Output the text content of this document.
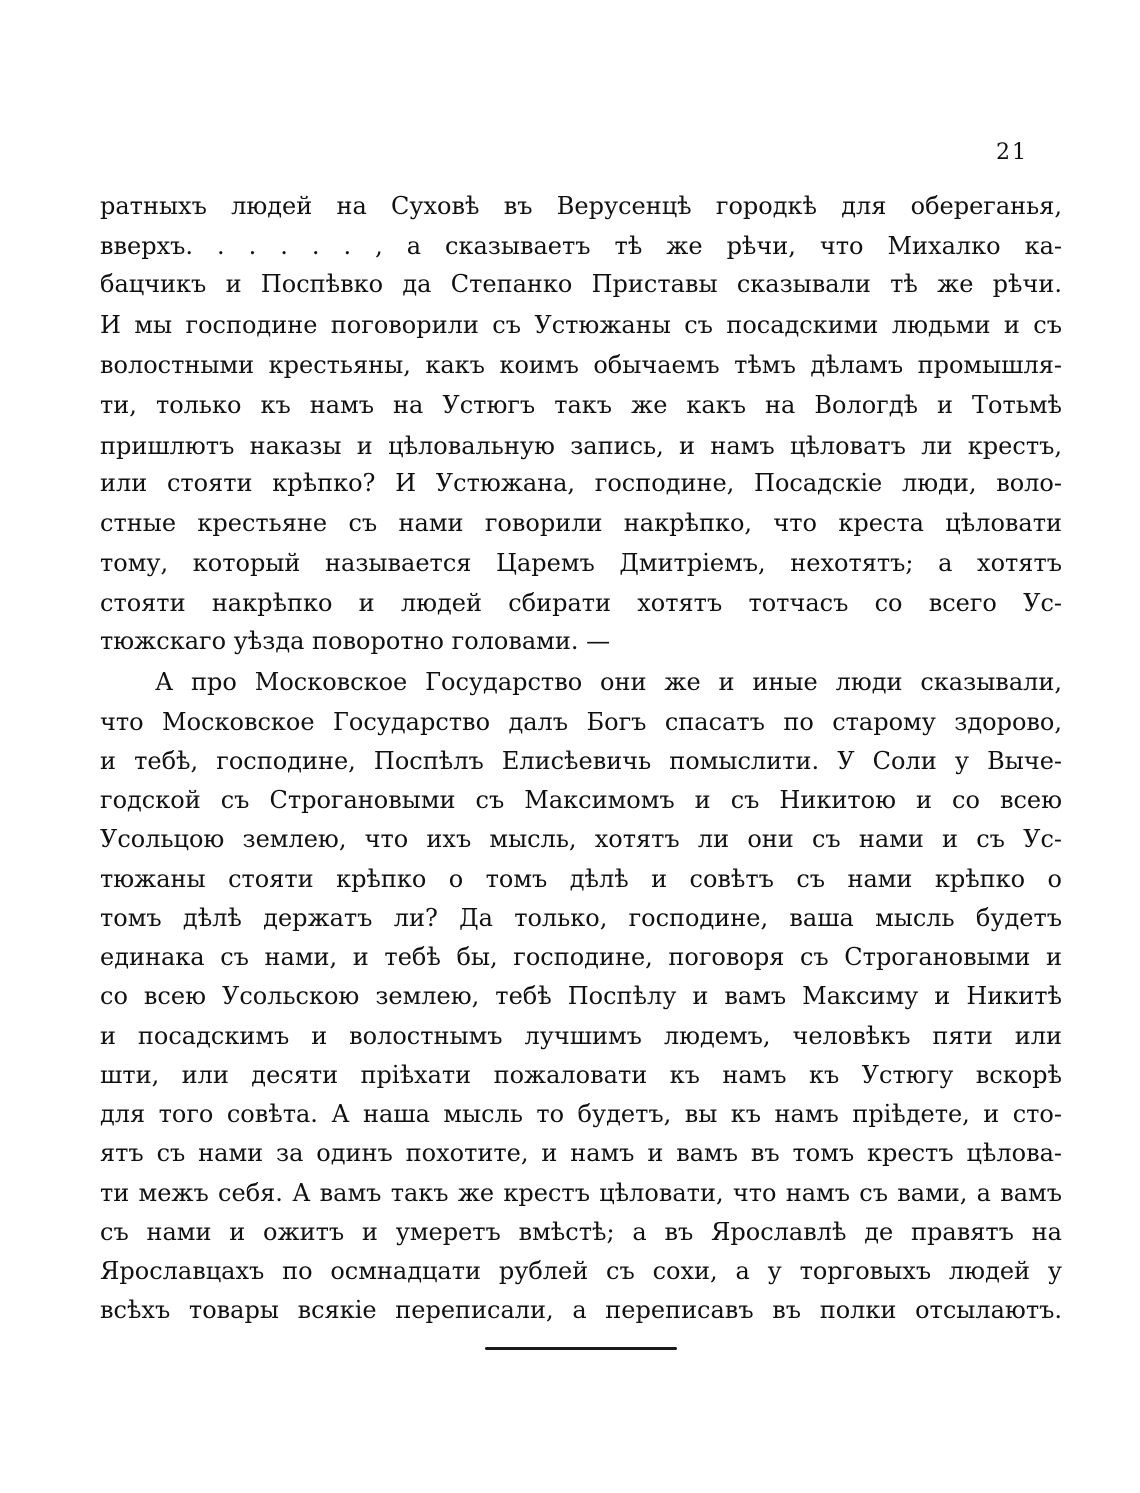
21
ратныхъ людей на Суховѣ въ Верусенцѣ городкѣ для обереганья,
вверхъ. . . . . . , а сказываетъ тѣ же рѣчи, что Михалко ка-
бацчикъ и Поспѣвко да Степанко Приставы сказывали тѣ же рѣчи.
И мы господине поговорили съ Устюжаны съ посадскими людьми и съ
волостными крестьяны, какъ коимъ обычаемъ тѣмъ дѣламъ промышля-
ти, только къ намъ на Устюгъ такъ же какъ на Вологдѣ и Тотьмѣ
пришлютъ наказы и цѣловальную запись, и намъ цѣловатъ ли крестъ,
или стояти крѣпко? И Устюжана, господине, Посадскіе люди, воло-
стные крестьяне съ нами говорили накрѣпко, что креста цѣловати
тому, который называется Царемъ Дмитріемъ, нехотятъ; а хотятъ
стояти накрѣпко и людей сбирати хотятъ тотчасъ со всего Ус-
тюжскаго уѣзда поворотно головами. —
А про Московское Государство они же и иные люди сказывали,
что Московское Государство далъ Богъ спасатъ по старому здорово,
и тебѣ, господине, Поспѣлъ Елисѣевичь помыслити. У Соли у Выче-
годской съ Строгановыми съ Максимомъ и съ Никитою и со всею
Усольцою землею, что ихъ мысль, хотятъ ли они съ нами и съ Ус-
тюжаны стояти крѣпко о томъ дѣлѣ и совѣтъ съ нами крѣпко о
томъ дѣлѣ держатъ ли? Да только, господине, ваша мысль будетъ
единака съ нами, и тебѣ бы, господине, поговоря съ Строгановыми и
со всею Усольскою землею, тебѣ Поспѣлу и вамъ Максиму и Никитѣ
и посадскимъ и волостнымъ лучшимъ людемъ, человѣкъ пяти или
шти, или десяти пріѣхати пожаловати къ намъ къ Устюгу вскорѣ
для того совѣта. А наша мысль то будетъ, вы къ намъ пріѣдете, и сто-
ятъ съ нами за одинъ похотите, и намъ и вамъ въ томъ крестъ цѣлова-
ти межъ себя. А вамъ такъ же крестъ цѣловати, что намъ съ вами, а вамъ
съ нами и ожитъ и умеретъ вмѣстѣ; а въ Ярославлѣ де правятъ на
Ярославцахъ по осмнадцати рублей съ сохи, а у торговыхъ людей у
всѣхъ товары всякіе переписали, а переписавъ въ полки отсылаютъ.
